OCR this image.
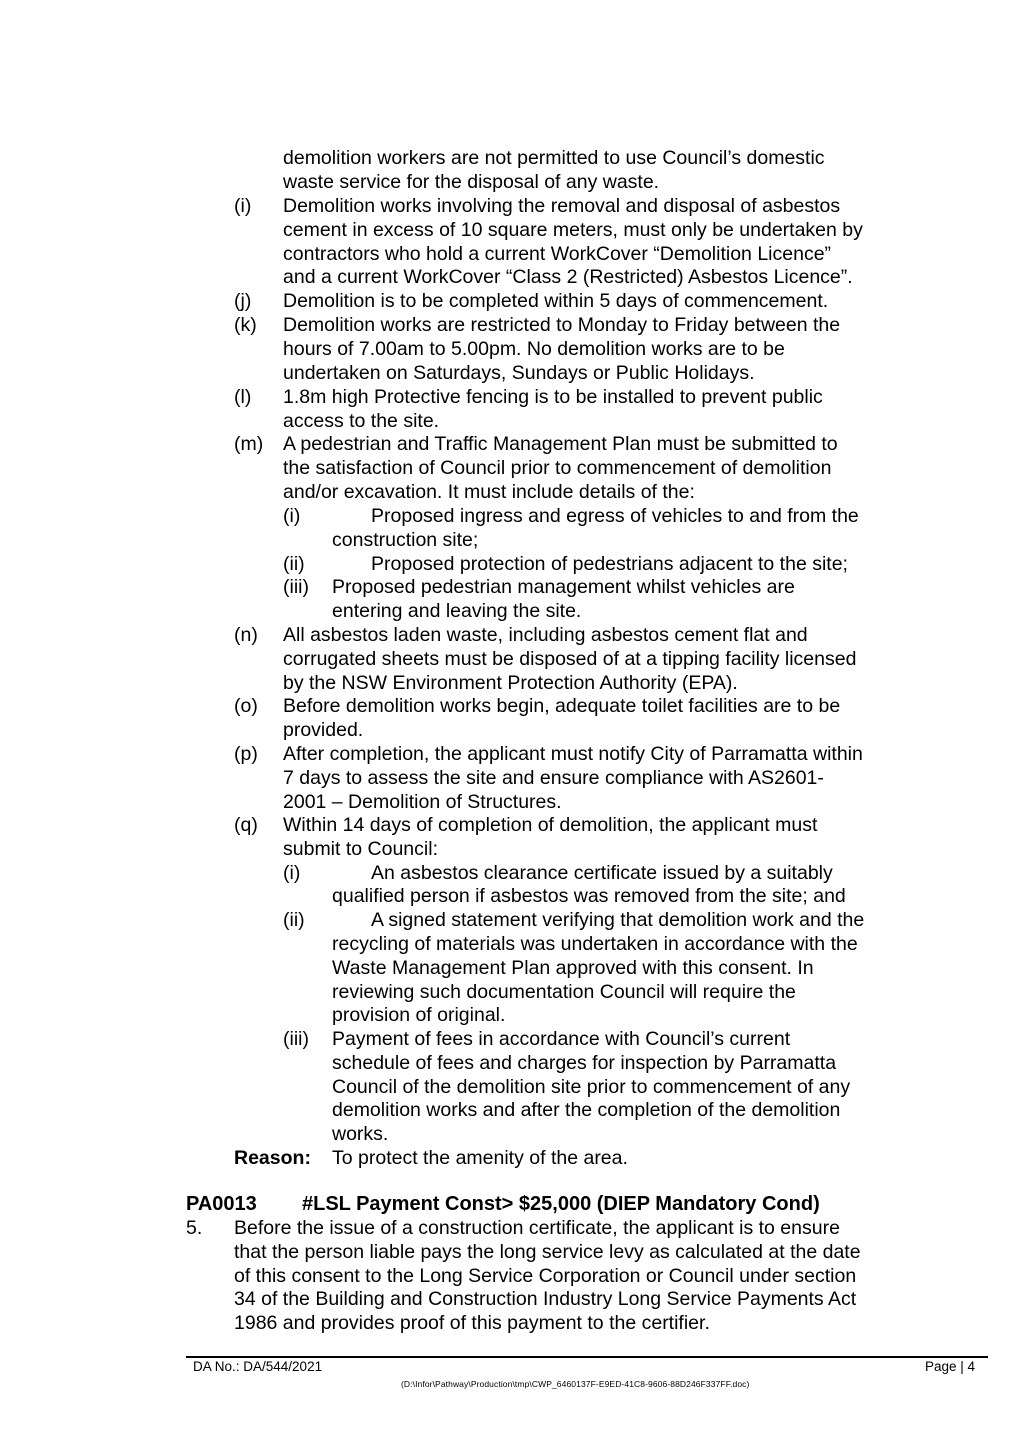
demolition workers are not permitted to use Council’s domestic
waste service for the disposal of any waste.
(i) Demolition works involving the removal and disposal of asbestos
cement in excess of 10 square meters, must only be undertaken by
contractors who hold a current WorkCover “Demolition Licence”
and a current WorkCover “Class 2 (Restricted) Asbestos Licence”.
(j) Demolition is to be completed within 5 days of commencement.
(k) Demolition works are restricted to Monday to Friday between the
hours of 7.00am to 5.00pm. No demolition works are to be
undertaken on Saturdays, Sundays or Public Holidays.
(l) 1.8m high Protective fencing is to be installed to prevent public
access to the site.
(m) A pedestrian and Traffic Management Plan must be submitted to
the satisfaction of Council prior to commencement of demolition
and/or excavation. It must include details of the:
(i)	Proposed ingress and egress of vehicles to and from the
construction site;
(ii)	Proposed protection of pedestrians adjacent to the site;
(iii) Proposed pedestrian management whilst vehicles are
entering and leaving the site.
(n) All asbestos laden waste, including asbestos cement flat and
corrugated sheets must be disposed of at a tipping facility licensed
by the NSW Environment Protection Authority (EPA).
(o) Before demolition works begin, adequate toilet facilities are to be
provided.
(p) After completion, the applicant must notify City of Parramatta within
7 days to assess the site and ensure compliance with AS2601-
2001 – Demolition of Structures.
(q) Within 14 days of completion of demolition, the applicant must
submit to Council:
(i)	An asbestos clearance certificate issued by a suitably
qualified person if asbestos was removed from the site; and
(ii)	A signed statement verifying that demolition work and the
recycling of materials was undertaken in accordance with the
Waste Management Plan approved with this consent. In
reviewing such documentation Council will require the
provision of original.
(iii) Payment of fees in accordance with Council’s current
schedule of fees and charges for inspection by Parramatta
Council of the demolition site prior to commencement of any
demolition works and after the completion of the demolition
works.
Reason: To protect the amenity of the area.
PA0013 #LSL Payment Const> $25,000 (DIEP Mandatory Cond)
5. Before the issue of a construction certificate, the applicant is to ensure
that the person liable pays the long service levy as calculated at the date
of this consent to the Long Service Corporation or Council under section
34 of the Building and Construction Industry Long Service Payments Act
1986 and provides proof of this payment to the certifier.
DA No.: DA/544/2021	Page | 4
(D:\Infor\Pathway\Production\tmp\CWP_6460137F-E9ED-41C8-9606-88D246F337FF.doc)
